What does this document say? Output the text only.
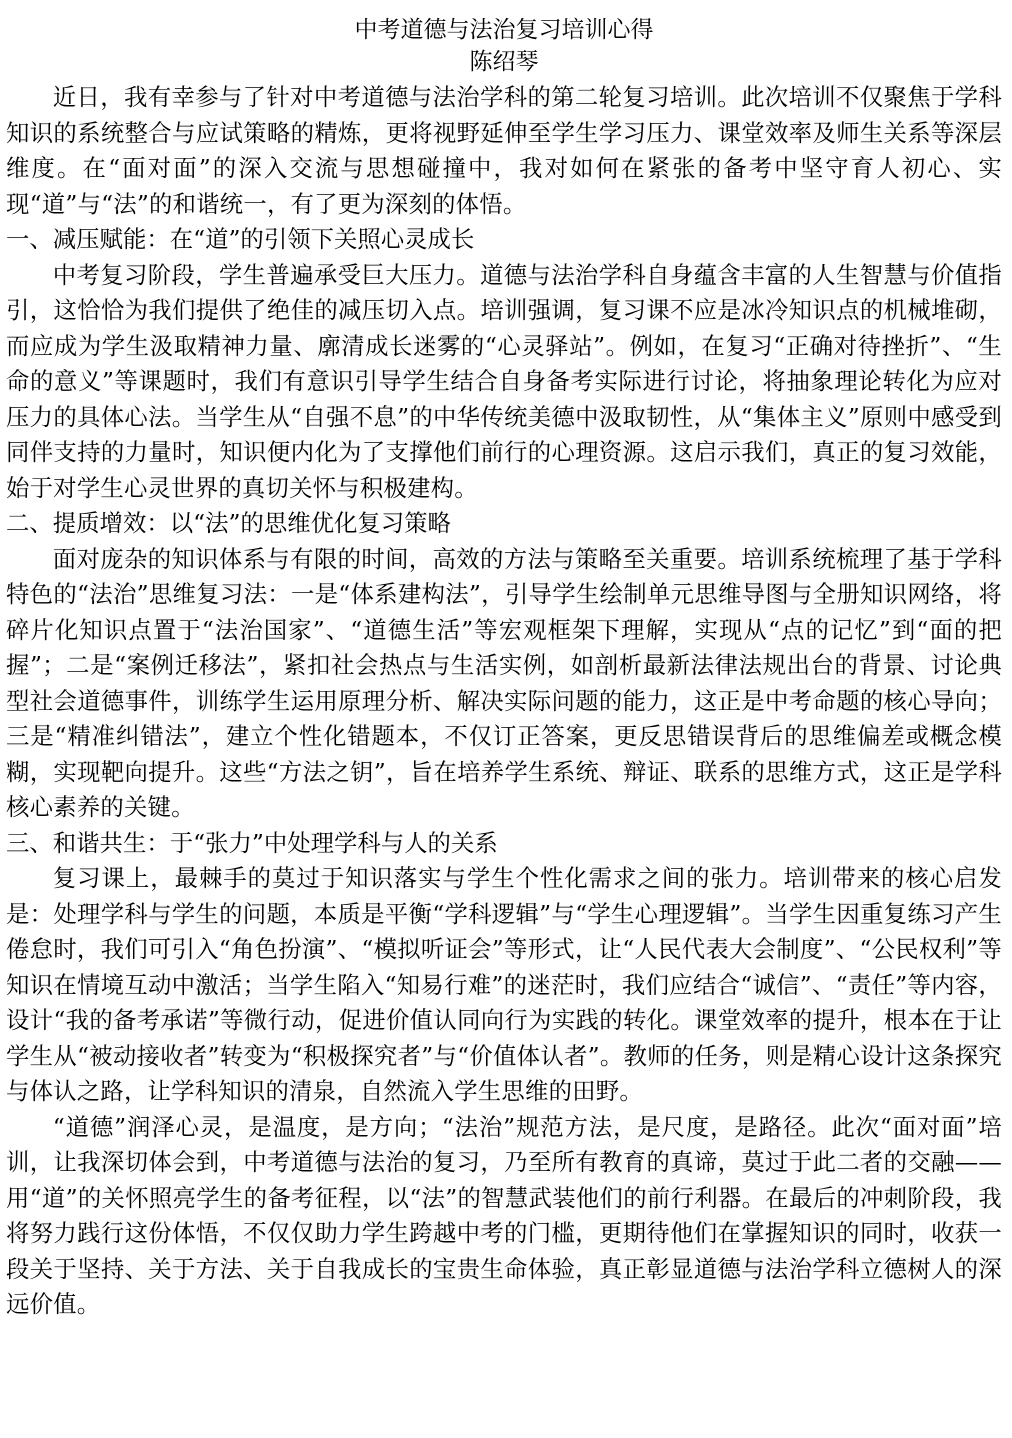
中考道德与法治复习培训心得

陈绍琴

近日，我有幸参与了针对中考道德与法治学科的第二轮复习培训。此次培训不仅聚焦于学科知识的系统整合与应试策略的精炼，更将视野延伸至学生学习压力、课堂效率及师生关系等深层维度。在“面对面”的深入交流与思想碰撞中，我对如何在紧张的备考中坚守育人初心、实现“道”与“法”的和谐统一，有了更为深刻的体悟。

一、减压赋能：在“道”的引领下关照心灵成长

中考复习阶段，学生普遍承受巨大压力。道德与法治学科自身蕴含丰富的人生智慧与价值指引，这恰恰为我们提供了绝佳的减压切入点。培训强调，复习课不应是冰冷知识点的机械堆砌，而应成为学生汲取精神力量、廓清成长迷雾的“心灵驿站”。例如，在复习“正确对待挫折”、“生命的意义”等课题时，我们有意识引导学生结合自身备考实际进行讨论，将抽象理论转化为应对压力的具体心法。当学生从“自强不息”的中华传统美德中汲取韧性，从“集体主义”原则中感受到同伴支持的力量时，知识便内化为了支撑他们前行的心理资源。这启示我们，真正的复习效能，始于对学生心灵世界的真切关怀与积极建构。

二、提质增效：以“法”的思维优化复习策略

面对庞杂的知识体系与有限的时间，高效的方法与策略至关重要。培训系统梳理了基于学科特色的“法治”思维复习法：一是“体系建构法”，引导学生绘制单元思维导图与全册知识网络，将碎片化知识点置于“法治国家”、“道德生活”等宏观框架下理解，实现从“点的记忆”到“面的把握”；二是“案例迁移法”，紧扣社会热点与生活实例，如剖析最新法律法规出台的背景、讨论典型社会道德事件，训练学生运用原理分析、解决实际问题的能力，这正是中考命题的核心导向；三是“精准纠错法”，建立个性化错题本，不仅订正答案，更反思错误背后的思维偏差或概念模糊，实现靶向提升。这些“方法之钥”，旨在培养学生系统、辩证、联系的思维方式，这正是学科核心素养的关键。

三、和谐共生：于“张力”中处理学科与人的关系

复习课上，最棘手的莫过于知识落实与学生个性化需求之间的张力。培训带来的核心启发是：处理学科与学生的问题，本质是平衡“学科逻辑”与“学生心理逻辑”。当学生因重复练习产生倦怠时，我们可引入“角色扮演”、“模拟听证会”等形式，让“人民代表大会制度”、“公民权利”等知识在情境互动中激活；当学生陷入“知易行难”的迷茫时，我们应结合“诚信”、“责任”等内容，设计“我的备考承诺”等微行动，促进价值认同向行为实践的转化。课堂效率的提升，根本在于让学生从“被动接收者”转变为“积极探究者”与“价值体认者”。教师的任务，则是精心设计这条探究与体认之路，让学科知识的清泉，自然流入学生思维的田野。

“道德”润泽心灵，是温度，是方向；“法治”规范方法，是尺度，是路径。此次“面对面”培训，让我深切体会到，中考道德与法治的复习，乃至所有教育的真谛，莫过于此二者的交融——用“道”的关怀照亮学生的备考征程，以“法”的智慧武装他们的前行利器。在最后的冲刺阶段，我将努力践行这份体悟，不仅仅助力学生跨越中考的门槛，更期待他们在掌握知识的同时，收获一段关于坚持、关于方法、关于自我成长的宝贵生命体验，真正彰显道德与法治学科立德树人的深远价值。
